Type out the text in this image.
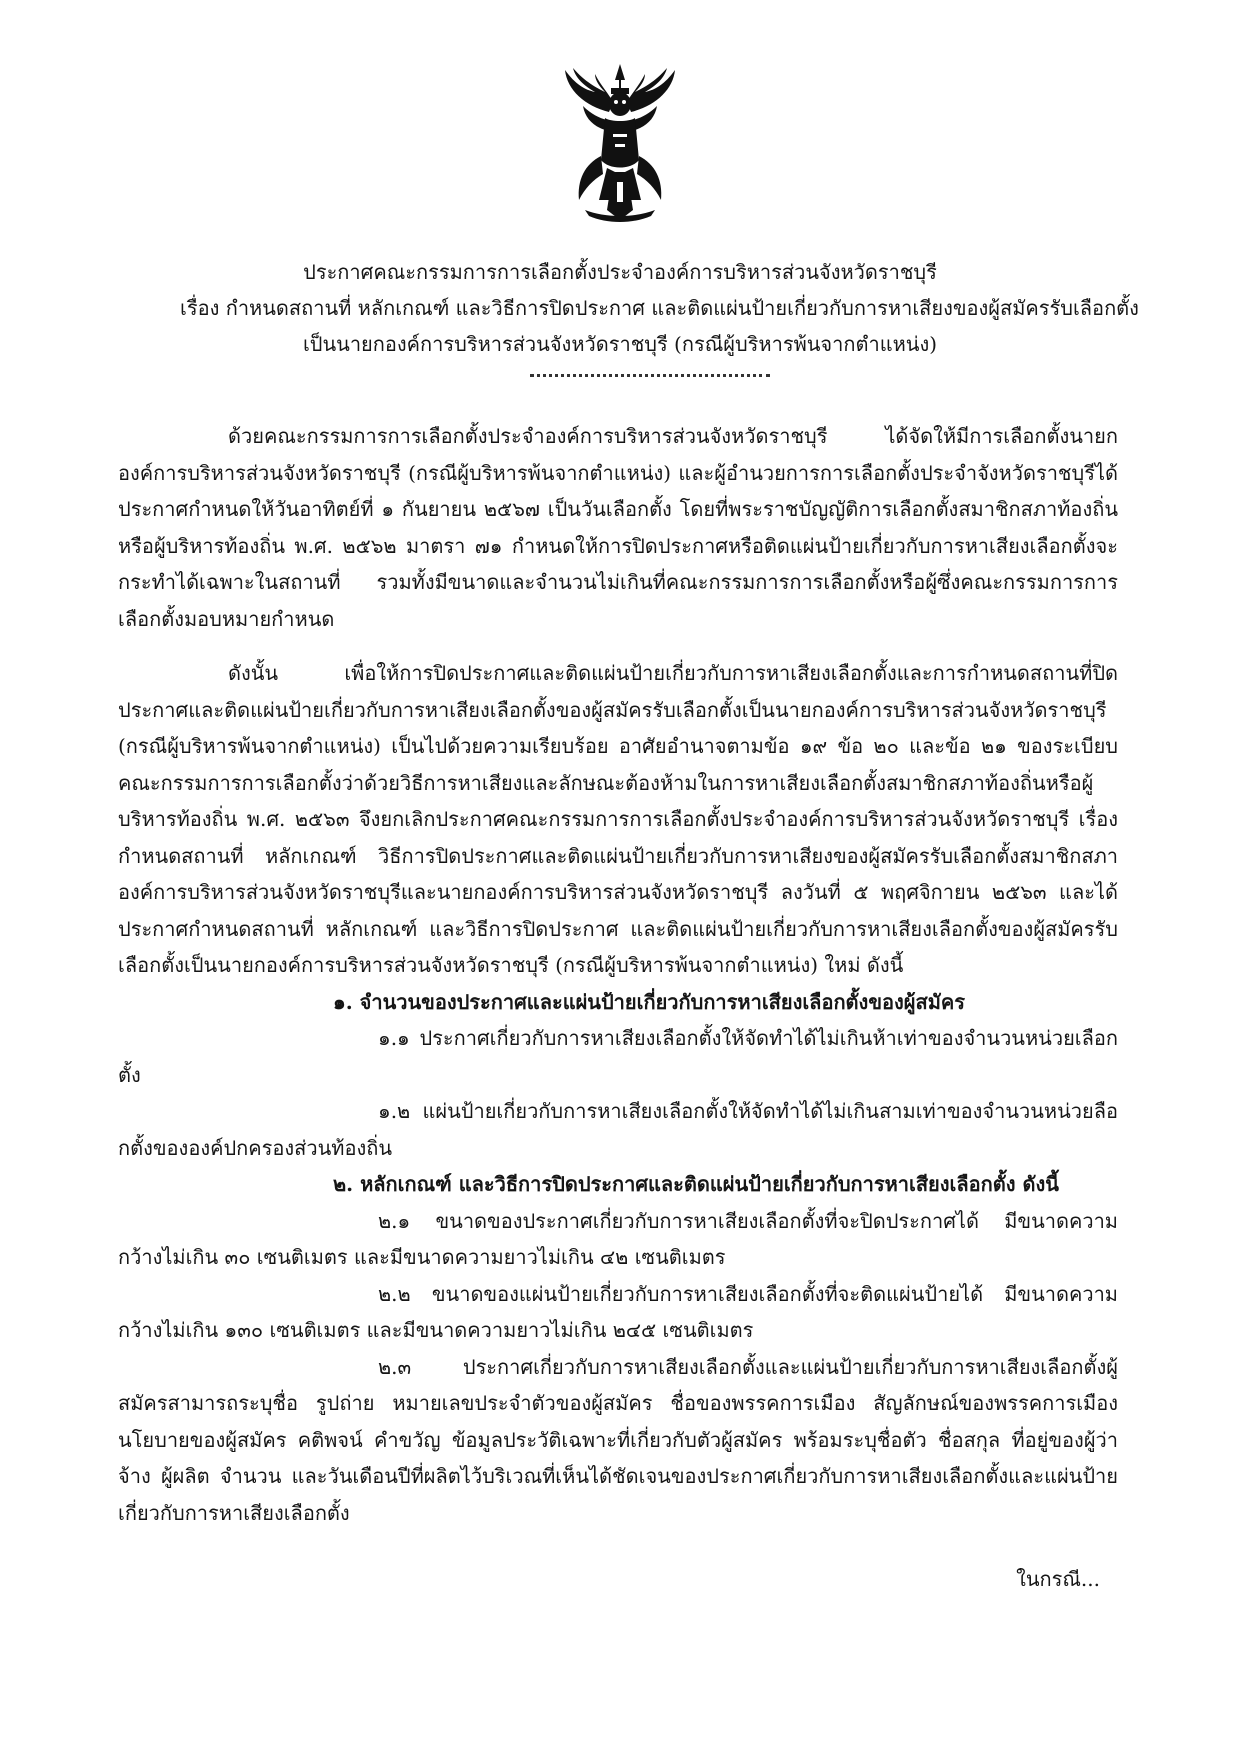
ประกาศคณะกรรมการการเลือกตั้งประจำองค์การบริหารส่วนจังหวัดราชบุรี
เรื่อง กำหนดสถานที่ หลักเกณฑ์ และวิธีการปิดประกาศ และติดแผ่นป้ายเกี่ยวกับการหาเสียงของผู้สมัครรับเลือกตั้ง
เป็นนายกองค์การบริหารส่วนจังหวัดราชบุรี (กรณีผู้บริหารพ้นจากตำแหน่ง)

ด้วยคณะกรรมการการเลือกตั้งประจำองค์การบริหารส่วนจังหวัดราชบุรี ได้จัดให้มีการเลือกตั้งนายกองค์การบริหารส่วนจังหวัดราชบุรี (กรณีผู้บริหารพ้นจากตำแหน่ง) และผู้อำนวยการการเลือกตั้งประจำจังหวัดราชบุรีได้ประกาศกำหนดให้วันอาทิตย์ที่ ๑ กันยายน ๒๕๖๗ เป็นวันเลือกตั้ง โดยที่พระราชบัญญัติการเลือกตั้งสมาชิกสภาท้องถิ่นหรือผู้บริหารท้องถิ่น พ.ศ. ๒๕๖๒ มาตรา ๗๑ กำหนดให้การปิดประกาศหรือติดแผ่นป้ายเกี่ยวกับการหาเสียงเลือกตั้งจะกระทำได้เฉพาะในสถานที่ รวมทั้งมีขนาดและจำนวนไม่เกินที่คณะกรรมการการเลือกตั้งหรือผู้ซึ่งคณะกรรมการการเลือกตั้งมอบหมายกำหนด

ดังนั้น เพื่อให้การปิดประกาศและติดแผ่นป้ายเกี่ยวกับการหาเสียงเลือกตั้งและการกำหนดสถานที่ปิดประกาศและติดแผ่นป้ายเกี่ยวกับการหาเสียงเลือกตั้งของผู้สมัครรับเลือกตั้งเป็นนายกองค์การบริหารส่วนจังหวัดราชบุรี (กรณีผู้บริหารพ้นจากตำแหน่ง) เป็นไปด้วยความเรียบร้อย อาศัยอำนาจตามข้อ ๑๙ ข้อ ๒๐ และข้อ ๒๑ ของระเบียบคณะกรรมการการเลือกตั้งว่าด้วยวิธีการหาเสียงและลักษณะต้องห้ามในการหาเสียงเลือกตั้งสมาชิกสภาท้องถิ่นหรือผู้บริหารท้องถิ่น พ.ศ. ๒๕๖๓ จึงยกเลิกประกาศคณะกรรมการการเลือกตั้งประจำองค์การบริหารส่วนจังหวัดราชบุรี เรื่อง กำหนดสถานที่ หลักเกณฑ์ วิธีการปิดประกาศและติดแผ่นป้ายเกี่ยวกับการหาเสียงของผู้สมัครรับเลือกตั้งสมาชิกสภาองค์การบริหารส่วนจังหวัดราชบุรีและนายกองค์การบริหารส่วนจังหวัดราชบุรี ลงวันที่ ๕ พฤศจิกายน ๒๕๖๓ และได้ประกาศกำหนดสถานที่ หลักเกณฑ์ และวิธีการปิดประกาศ และติดแผ่นป้ายเกี่ยวกับการหาเสียงเลือกตั้งของผู้สมัครรับเลือกตั้งเป็นนายกองค์การบริหารส่วนจังหวัดราชบุรี (กรณีผู้บริหารพ้นจากตำแหน่ง) ใหม่ ดังนี้

๑. จำนวนของประกาศและแผ่นป้ายเกี่ยวกับการหาเสียงเลือกตั้งของผู้สมัคร

๑.๑ ประกาศเกี่ยวกับการหาเสียงเลือกตั้งให้จัดทำได้ไม่เกินห้าเท่าของจำนวนหน่วยเลือกตั้ง

๑.๒ แผ่นป้ายเกี่ยวกับการหาเสียงเลือกตั้งให้จัดทำได้ไม่เกินสามเท่าของจำนวนหน่วยลือกตั้งขององค์ปกครองส่วนท้องถิ่น

๒. หลักเกณฑ์ และวิธีการปิดประกาศและติดแผ่นป้ายเกี่ยวกับการหาเสียงเลือกตั้ง ดังนี้

๒.๑ ขนาดของประกาศเกี่ยวกับการหาเสียงเลือกตั้งที่จะปิดประกาศได้ มีขนาดความกว้างไม่เกิน ๓๐ เซนติเมตร และมีขนาดความยาวไม่เกิน ๔๒ เซนติเมตร

๒.๒ ขนาดของแผ่นป้ายเกี่ยวกับการหาเสียงเลือกตั้งที่จะติดแผ่นป้ายได้ มีขนาดความกว้างไม่เกิน ๑๓๐ เซนติเมตร และมีขนาดความยาวไม่เกิน ๒๔๕ เซนติเมตร

๒.๓ ประกาศเกี่ยวกับการหาเสียงเลือกตั้งและแผ่นป้ายเกี่ยวกับการหาเสียงเลือกตั้งผู้สมัครสามารถระบุชื่อ รูปถ่าย หมายเลขประจำตัวของผู้สมัคร ชื่อของพรรคการเมือง สัญลักษณ์ของพรรคการเมือง นโยบายของผู้สมัคร คติพจน์ คำขวัญ ข้อมูลประวัติเฉพาะที่เกี่ยวกับตัวผู้สมัคร พร้อมระบุชื่อตัว ชื่อสกุล ที่อยู่ของผู้ว่าจ้าง ผู้ผลิต จำนวน และวันเดือนปีที่ผลิตไว้บริเวณที่เห็นได้ชัดเจนของประกาศเกี่ยวกับการหาเสียงเลือกตั้งและแผ่นป้ายเกี่ยวกับการหาเสียงเลือกตั้ง

ในกรณี...
